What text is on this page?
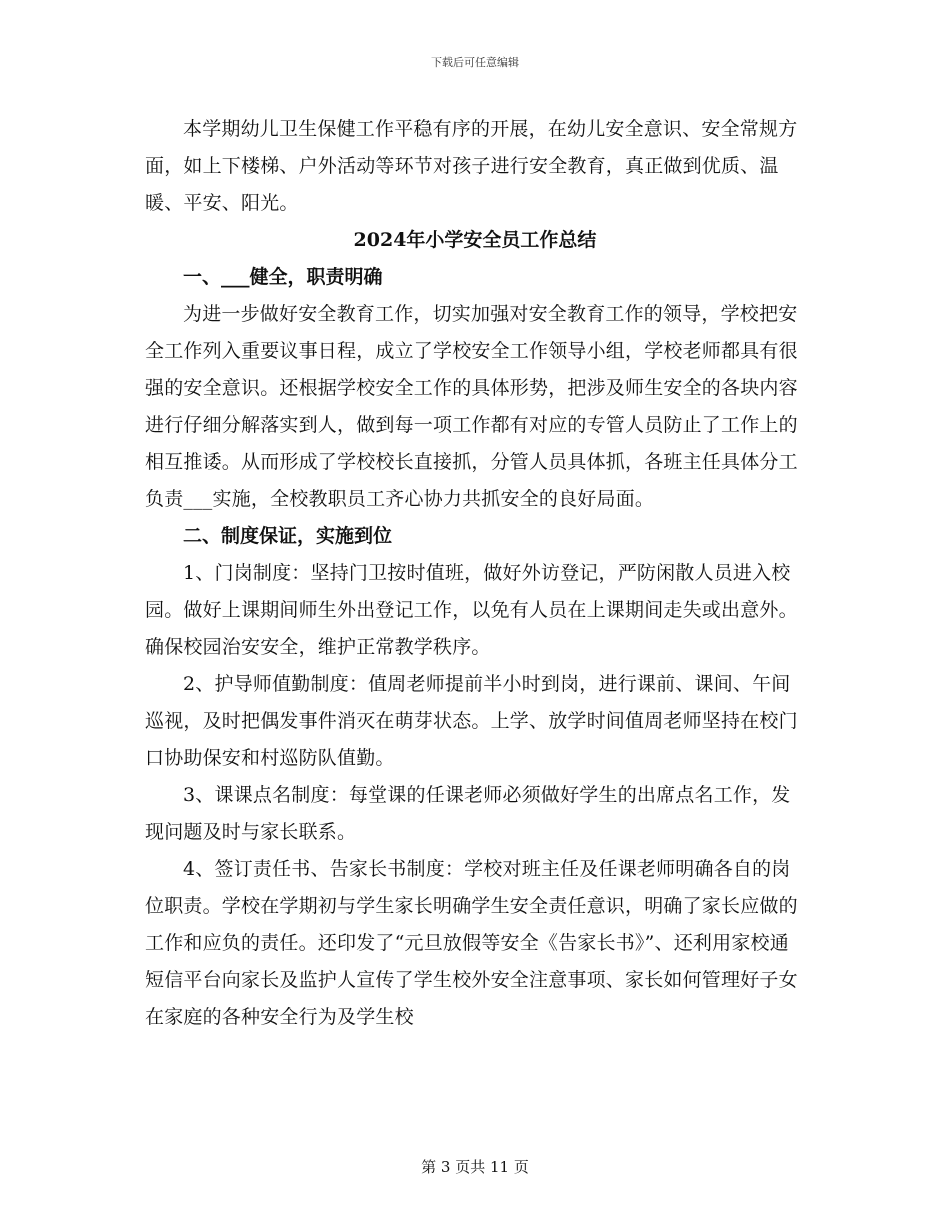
下载后可任意编辑

本学期幼儿卫生保健工作平稳有序的开展，在幼儿安全意识、安全常规方面，如上下楼梯、户外活动等环节对孩子进行安全教育，真正做到优质、温暖、平安、阳光。

2024年小学安全员工作总结

一、___健全，职责明确

为进一步做好安全教育工作，切实加强对安全教育工作的领导，学校把安全工作列入重要议事日程，成立了学校安全工作领导小组，学校老师都具有很强的安全意识。还根据学校安全工作的具体形势，把涉及师生安全的各块内容进行仔细分解落实到人，做到每一项工作都有对应的专管人员防止了工作上的相互推诿。从而形成了学校校长直接抓，分管人员具体抓，各班主任具体分工负责___实施，全校教职员工齐心协力共抓安全的良好局面。

二、制度保证，实施到位

1、门岗制度：坚持门卫按时值班，做好外访登记，严防闲散人员进入校园。做好上课期间师生外出登记工作，以免有人员在上课期间走失或出意外。确保校园治安安全，维护正常教学秩序。

2、护导师值勤制度：值周老师提前半小时到岗，进行课前、课间、午间巡视，及时把偶发事件消灭在萌芽状态。上学、放学时间值周老师坚持在校门口协助保安和村巡防队值勤。

3、课课点名制度：每堂课的任课老师必须做好学生的出席点名工作，发现问题及时与家长联系。

4、签订责任书、告家长书制度：学校对班主任及任课老师明确各自的岗位职责。学校在学期初与学生家长明确学生安全责任意识，明确了家长应做的工作和应负的责任。还印发了“元旦放假等安全《告家长书》”、还利用家校通短信平台向家长及监护人宣传了学生校外安全注意事项、家长如何管理好子女在家庭的各种安全行为及学生校

第 3 页共 11 页
